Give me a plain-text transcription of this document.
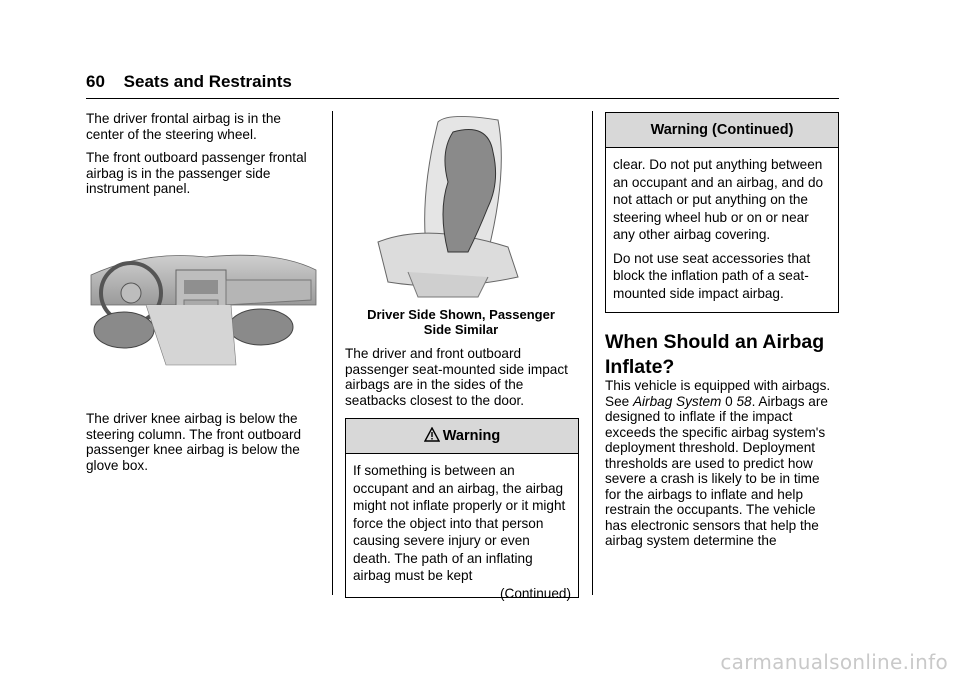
60 Seats and Restraints

The driver frontal airbag is in the center of the steering wheel.

The front outboard passenger frontal airbag is in the passenger side instrument panel.

The driver knee airbag is below the steering column. The front outboard passenger knee airbag is below the glove box.
Driver Side Shown, Passenger
Side Similar
The driver and front outboard passenger seat-mounted side impact airbags are in the sides of the seatbacks closest to the door.
Warning
If something is between an occupant and an airbag, the airbag might not inflate properly or it might force the object into that person causing severe injury or even death. The path of an inflating airbag must be kept
(Continued)
Warning (Continued)

clear. Do not put anything between an occupant and an airbag, and do not attach or put anything on the steering wheel hub or on or near any other airbag covering.

Do not use seat accessories that block the inflation path of a seat-mounted side impact airbag.

When Should an Airbag Inflate?
This vehicle is equipped with airbags. See Airbag System 0 58. Airbags are designed to inflate if the impact exceeds the specific airbag system's deployment threshold. Deployment thresholds are used to predict how severe a crash is likely to be in time for the airbags to inflate and help restrain the occupants. The vehicle has electronic sensors that help the airbag system determine the
carmanualsonline.info
